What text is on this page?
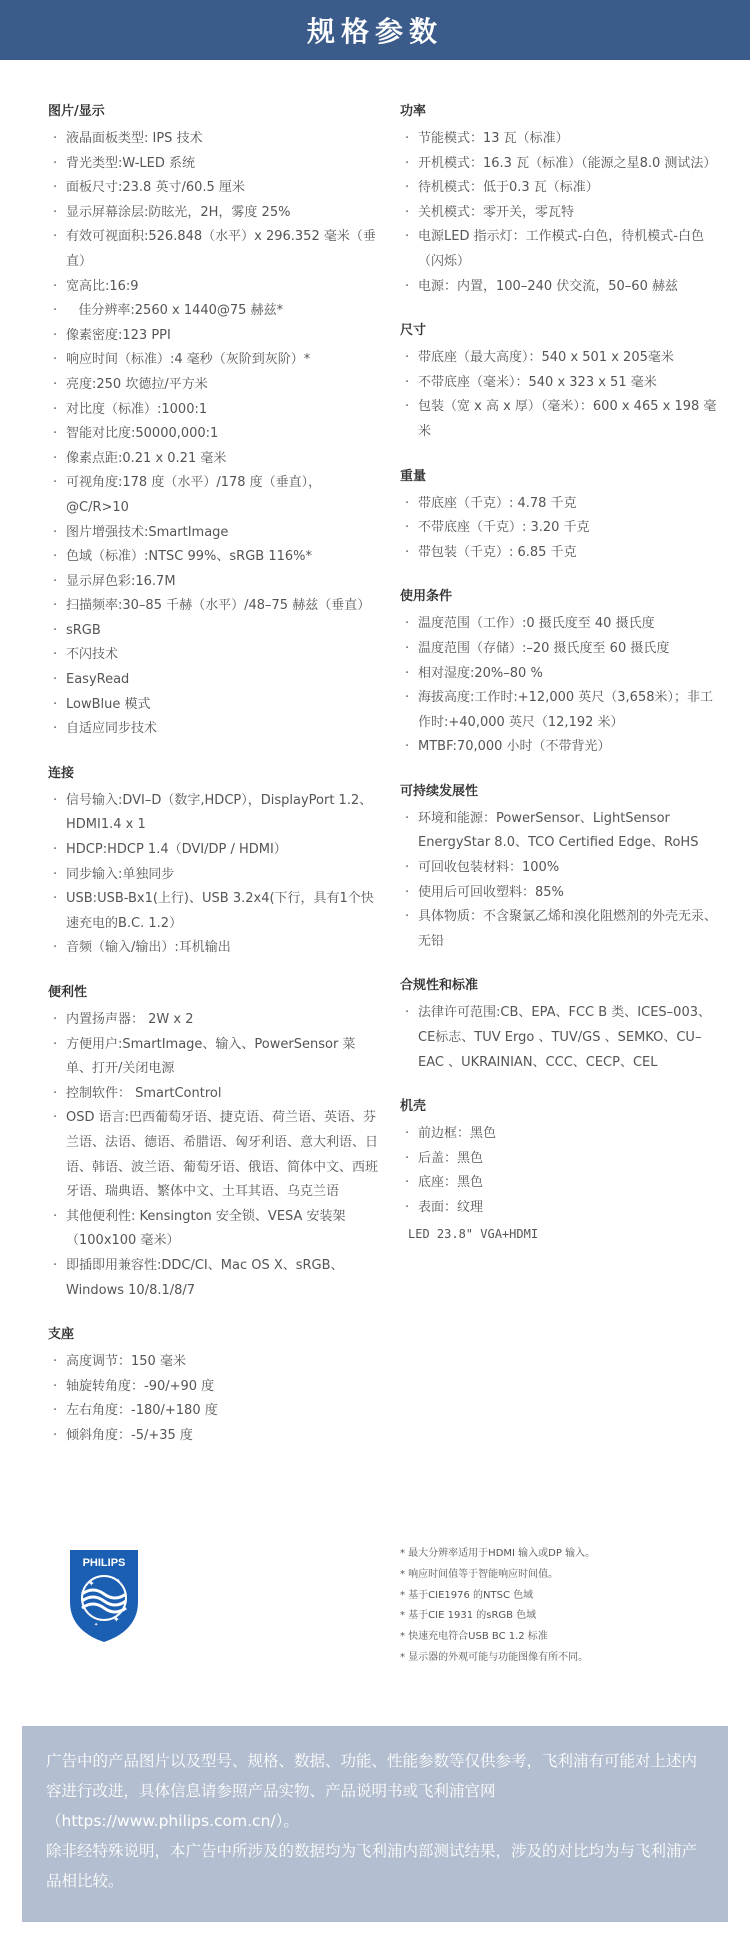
规格参数
图片/显示
· 液晶面板类型: IPS 技术
· 背光类型:W-LED 系统
· 面板尺寸:23.8 英寸/60.5 厘米
· 显示屏幕涂层:防眩光，2H，雾度 25%
· 有效可视面积:526.848（水平）x 296.352 毫米（垂直）
· 宽高比:16:9
·    佳分辨率:2560 x 1440@75 赫兹*
· 像素密度:123 PPI
· 响应时间（标准）:4 毫秒（灰阶到灰阶）*
· 亮度:250 坎德拉/平方米
· 对比度（标准）:1000:1
· 智能对比度:50000,000:1
· 像素点距:0.21 x 0.21 毫米
· 可视角度:178 度（水平）/178 度（垂直），@C/R>10
· 图片增强技术:SmartImage
· 色域（标准）:NTSC 99%、sRGB 116%*
· 显示屏色彩:16.7M
· 扫描频率:30–85 千赫（水平）/48–75 赫兹（垂直）
· sRGB
· 不闪技术
· EasyRead
· LowBlue 模式
· 自适应同步技术
连接
· 信号输入:DVI–D（数字,HDCP），DisplayPort 1.2、HDMI1.4 x 1
· HDCP:HDCP 1.4（DVI/DP / HDMI）
· 同步输入:单独同步
· USB:USB-Bx1(上行)、USB 3.2x4(下行，具有1个快速充电的B.C. 1.2）
· 音频（输入/输出）:耳机输出
便利性
· 内置扬声器： 2W x 2
· 方便用户:SmartImage、输入、PowerSensor 菜单、打开/关闭电源
· 控制软件： SmartControl
· OSD 语言:巴西葡萄牙语、捷克语、荷兰语、英语、芬兰语、法语、德语、希腊语、匈牙利语、意大利语、日语、韩语、波兰语、葡萄牙语、俄语、简体中文、西班牙语、瑞典语、繁体中文、土耳其语、乌克兰语
· 其他便利性: Kensington 安全锁、VESA 安装架（100x100 毫米）
· 即插即用兼容性:DDC/CI、Mac OS X、sRGB、Windows 10/8.1/8/7
支座
· 高度调节：150 毫米
· 轴旋转角度：-90/+90 度
· 左右角度：-180/+180 度
· 倾斜角度：-5/+35 度
功率
· 节能模式：13 瓦（标准）
· 开机模式：16.3 瓦（标准）（能源之星8.0 测试法）
· 待机模式：低于0.3 瓦（标准）
· 关机模式：零开关，零瓦特
· 电源LED 指示灯：工作模式-白色，待机模式-白色（闪烁）
· 电源：内置，100–240 伏交流，50–60 赫兹
尺寸
· 带底座（最大高度）：540 x 501 x 205毫米
· 不带底座（毫米）：540 x 323 x 51 毫米
· 包装（宽 x 高 x 厚）（毫米）：600 x 465 x 198 毫米
重量
· 带底座（千克）: 4.78 千克
· 不带底座（千克）: 3.20 千克
· 带包装（千克）: 6.85 千克
使用条件
· 温度范围（工作）:0 摄氏度至 40 摄氏度
· 温度范围（存储）:–20 摄氏度至 60 摄氏度
· 相对湿度:20%–80 %
· 海拔高度:工作时:+12,000 英尺（3,658米）；非工作时:+40,000 英尺（12,192 米）
· MTBF:70,000 小时（不带背光）
可持续发展性
· 环境和能源：PowerSensor、LightSensor EnergyStar 8.0、TCO Certified Edge、RoHS
· 可回收包装材料：100%
· 使用后可回收塑料：85%
· 具体物质：不含聚氯乙烯和溴化阻燃剂的外壳无汞、无铅
合规性和标准
· 法律许可范围:CB、EPA、FCC B 类、ICES–003、CE标志、TUV Ergo 、TUV/GS 、SEMKO、CU–EAC 、UKRAINIAN、CCC、CECP、CEL
机壳
· 前边框：黑色
· 后盖：黑色
· 底座：黑色
· 表面：纹理
LED 23.8" VGA+HDMI
PHILIPS
✦
✦
✦
✦
* 最大分辨率适用于HDMI 输入或DP 输入。
* 响应时间值等于智能响应时间值。
* 基于CIE1976 的NTSC 色域
* 基于CIE 1931 的sRGB 色域
* 快速充电符合USB BC 1.2 标准
* 显示器的外观可能与功能图像有所不同。

广告中的产品图片以及型号、规格、数据、功能、性能参数等仅供参考，飞利浦有可能对上述内容进行改进，具体信息请参照产品实物、产品说明书或飞利浦官网（https://www.philips.com.cn/）。

除非经特殊说明，本广告中所涉及的数据均为飞利浦内部测试结果，涉及的对比均为与飞利浦产品相比较。
